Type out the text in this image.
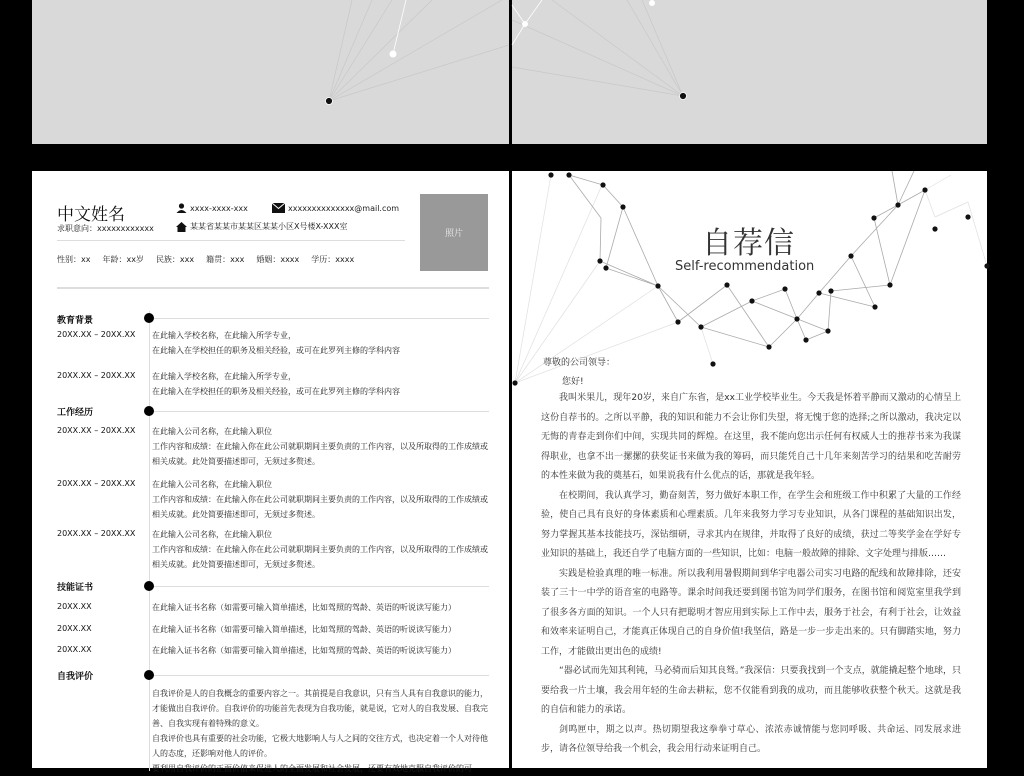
中文姓名
求职意向：xxxxxxxxxxxx
xxxx-xxxx-xxx	xxxxxxxxxxxxxx@mail.com
某某省某某市某某区某某小区X号楼X-XXX室
性别：xx 年龄：xx岁 民族：xxx 籍贯：xxx 婚姻：xxxx 学历：xxxx
照片
教育背景
20XX.XX – 20XX.XX 在此输入学校名称，在此输入所学专业，
在此输入在学校担任的职务及相关经验，或可在此罗列主修的学科内容
20XX.XX – 20XX.XX 在此输入学校名称，在此输入所学专业，
在此输入在学校担任的职务及相关经验，或可在此罗列主修的学科内容
工作经历
20XX.XX – 20XX.XX 在此输入公司名称，在此输入职位
工作内容和成绩：在此输入你在此公司就职期间主要负责的工作内容，以及所取得的工作成绩或相关成就。此处简要描述即可，无须过多赘述。
20XX.XX – 20XX.XX 在此输入公司名称，在此输入职位
工作内容和成绩：在此输入你在此公司就职期间主要负责的工作内容，以及所取得的工作成绩或相关成就。此处简要描述即可，无须过多赘述。
20XX.XX – 20XX.XX 在此输入公司名称，在此输入职位
工作内容和成绩：在此输入你在此公司就职期间主要负责的工作内容，以及所取得的工作成绩或相关成就。此处简要描述即可，无须过多赘述。
技能证书
20XX.XX	在此输入证书名称（如需要可输入简单描述，比如驾照的驾龄、英语的听说读写能力）
20XX.XX	在此输入证书名称（如需要可输入简单描述，比如驾照的驾龄、英语的听说读写能力）
20XX.XX	在此输入证书名称（如需要可输入简单描述，比如驾照的驾龄、英语的听说读写能力）
自我评价
自我评价是人的自我概念的重要内容之一。其前提是自我意识，只有当人具有自我意识的能力，才能做出自我评价。自我评价的功能首先表现为自我功能，就是说，它对人的自我发展、自我完善、自我实现有着特殊的意义。
自我评价也具有重要的社会功能，它极大地影响人与人之间的交往方式，也决定着一个人对待他人的态度，还影响对他人的评价。
要利用自我评价的正面价值来促进人的全面发展和社会发展，还要有效地克服自我评价的可
自荐信
Self-recommendation
尊敬的公司领导：
您好!

我叫米果儿，现年20岁，来自广东省，是xx工业学校毕业生。今天我是怀着平静而又激动的心情呈上这份自荐书的。之所以平静，我的知识和能力不会让你们失望，将无愧于您的选择;之所以激动，我决定以无悔的青春走到你们中间，实现共同的辉煌。在这里，我不能向您出示任何有权威人士的推荐书来为我谋得职业，也拿不出一摞摞的获奖证书来做为我的筹码，而只能凭自己十几年来刻苦学习的结果和吃苦耐劳的本性来做为我的奠基石，如果说我有什么优点的话，那就是我年轻。

在校期间，我认真学习，勤奋刻苦，努力做好本职工作，在学生会和班级工作中积累了大量的工作经验，使自己具有良好的身体素质和心理素质。几年来我努力学习专业知识，从各门课程的基础知识出发，努力掌握其基本技能技巧，深钻细研，寻求其内在规律，并取得了良好的成绩，获过二等奖学金在学好专业知识的基础上，我还自学了电脑方面的一些知识，比如：电脑一般故障的排除、文字处理与排版……

实践是检验真理的唯一标准。所以我利用暑假期间到华宇电器公司实习电路的配线和故障排除，还安装了三十一中学的语音室的电路等。课余时间我还要到图书馆为同学们服务，在图书馆和阅览室里我学到了很多各方面的知识。一个人只有把聪明才智应用到实际上工作中去，服务于社会，有利于社会，让效益和效率来证明自己，才能真正体现自己的自身价值!我坚信，路是一步一步走出来的。只有脚踏实地，努力工作，才能做出更出色的成绩!

“器必试而先知其利钝，马必骑而后知其良驽。”我深信：只要我找到一个支点，就能撬起整个地球，只要给我一片土壤，我会用年轻的生命去耕耘，您不仅能看到我的成功，而且能够收获整个秋天。这就是我的自信和能力的承诺。

剑鸣匣中，期之以声。热切期望我这拳拳寸草心、浓浓赤诚情能与您同呼吸、共命运、同发展求进步，请各位领导给我一个机会，我会用行动来证明自己。
